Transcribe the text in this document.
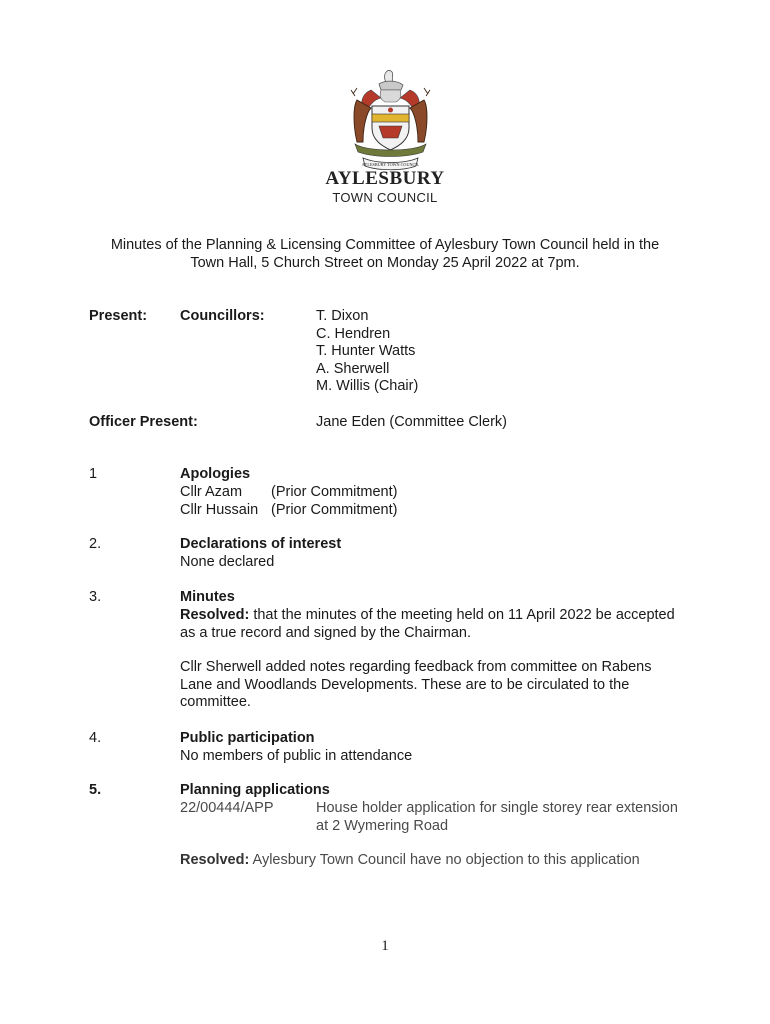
AYLESBURY TOWN COUNCIL
AYLESBURY
TOWN COUNCIL
Minutes of the Planning & Licensing Committee of Aylesbury Town Council held in the
Town Hall, 5 Church Street on Monday 25 April 2022 at 7pm.
Present: Councillors:	T. Dixon
C. Hendren
T. Hunter Watts
A. Sherwell
M. Willis (Chair)
Officer Present:	Jane Eden (Committee Clerk)
1	Apologies
Cllr Azam (Prior Commitment)
Cllr Hussain (Prior Commitment)
2.	Declarations of interest
None declared
3.	Minutes
Resolved: that the minutes of the meeting held on 11 April 2022 be accepted
as a true record and signed by the Chairman.
Cllr Sherwell added notes regarding feedback from committee on Rabens
Lane and Woodlands Developments. These are to be circulated to the
committee.
4.	Public participation
No members of public in attendance
5.	Planning applications
22/00444/APP	House holder application for single storey rear extension
at 2 Wymering Road
Resolved: Aylesbury Town Council have no objection to this application
1
